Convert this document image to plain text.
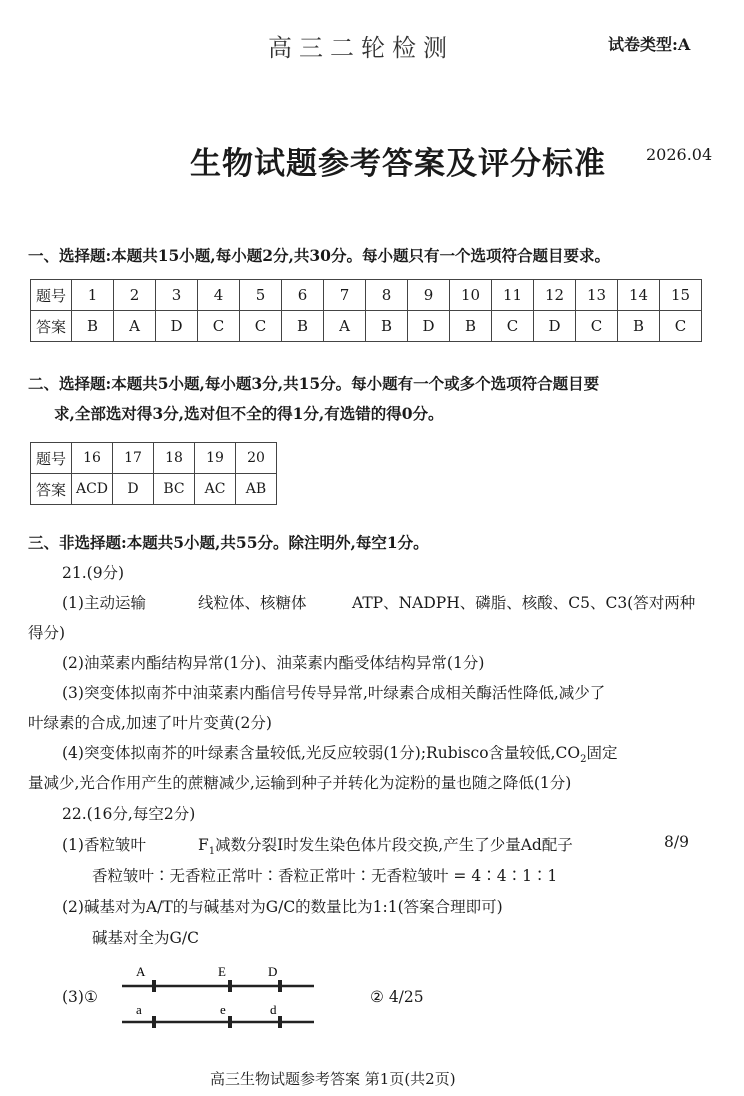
高三二轮检测	试卷类型:A
生物试题参考答案及评分标准	2026.04
一、选择题:本题共15小题,每小题2分,共30分。每小题只有一个选项符合题目要求。
题号	1	2	3	4	5	6	7	8	9	10	11	12	13	14	15
答案	B	A	D	C	C	B	A	B	D	B	C	D	C	B	C
二、选择题:本题共5小题,每小题3分,共15分。每小题有一个或多个选项符合题目要
求,全部选对得3分,选对但不全的得1分,有选错的得0分。
题号	16	17	18	19	20
答案	ACD	D	BC	AC	AB
三、非选择题:本题共5小题,共55分。除注明外,每空1分。
21.(9分)
(1)主动运输	线粒体、核糖体	ATP、NADPH、磷脂、核酸、C5、C3(答对两种
得分)
(2)油菜素内酯结构异常(1分)、油菜素内酯受体结构异常(1分)
(3)突变体拟南芥中油菜素内酯信号传导异常,叶绿素合成相关酶活性降低,减少了
叶绿素的合成,加速了叶片变黄(2分)
(4)突变体拟南芥的叶绿素含量较低,光反应较弱(1分);Rubisco含量较低$,CO_2$固定
量减少,光合作用产生的蔗糖减少,运输到种子并转化为淀粉的量也随之降低(1分)
22.(16分,每空2分)
(1)香粒皱叶	$F_1$减数分裂Ⅰ时发生染色体片段交换,产生了少量Ad配子	8/9
香粒皱叶∶无香粒正常叶∶香粒正常叶∶无香粒皱叶 = 4∶4∶1∶1
(2)碱基对为A/T的与碱基对为G/C的数量比为1:1(答案合理即可)
碱基对全为G/C
(3)①
A	E	D
a	e	d
② 4/25
高三生物试题参考答案 第1页(共2页)
